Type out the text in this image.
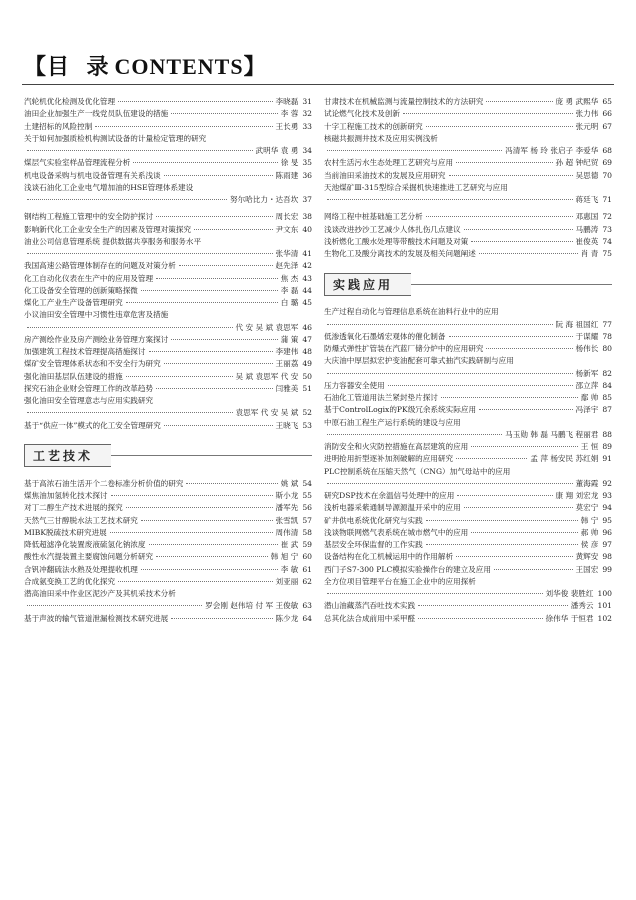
【目 录CONTENTS】
汽轮机优化检测及优化管理	李晓磊 31
油田企业加强生产一线党员队伍建设的措施	李 蓉 32
土建招标的风险控制	王长勇 33
关于如何加强质检机构测试设备的计量检定管理的研究
武明华 袁 勇 34
煤层气实验室样品管理流程分析	徐 旻 35
机电设备采购与机电设备管理有关系浅谈	陈雨建 36
浅谈石油化工企业电气增加油的HSE管理体系建设
努尔哈比力・达吾坎 37
钢结构工程施工管理中的安全防护探讨	周长宏 38
影响新代化工企业安全生产的因素及管理对策探究	尹文东 40
油业公司信息管理系统 提供数据共享服务和服务水平
张华清 41
我国高速公路管理体制存在的问题及对策分析	赵先泽 42
化工自动化仪表在生产中的应用及管理	焦 杰 43
化工设备安全管理的创新策略探微	李 磊 44
煤化工产业生产设备管理研究	白 璐 45
小议油田安全管理中习惯性违章危害及措施
代 安 吴 斌 袁思军 46
房产测绘作业及房产测绘业务管理方案探讨	蒲 策 47
加强建筑工程技术管理提高措施探讨	李建伟 48
煤矿安全管理体系状态和不安全行为研究	王丽荔 49
强化油田基层队伍建设的措施	吴 斌 袁思军 代 安 50
探究石油企业财会管理工作的改革趋势	闫雅美 51
强化油田安全管理意志与应用实践研究
袁思军 代 安 吴 斌 52
基于“供应一体”模式的化工安全管理研究	王晓飞 53
工艺技术
基于高浓石油生活开个二卷标准分析价值的研究	姚 斌 54
煤焦油加氢转化技术探讨	斯小龙 55
对丁二醇生产技术进展的探究	潘军先 56
天然气三甘醇脱水法工艺技术研究	张雪凯 57
MIBK脱硫技术研究进展	周伟清 58
降低超滤净化装置废液硫氢化钠浓度	崔 武 59
酸性水汽提装置主要腐蚀问题分析研究	韩 旭 宁 60
含钒冲翻硫法水熟及处理提收机理	李 敏 61
合成氨变换工艺的优化探究	刘亚丽 62
潜高油田采中作业区泥沙产及其机采技术分析
罗会刚 赵伟培 付 军 王俊敏 63
基于声波的输气管道泄漏检测技术研究进展	陈少龙 64
甘肃技术在机械监测与流量控制技术的方法研究	庞 勇 武熙华 65
试论燃气化技术及创新	张力伟 66
十字工程施工技术的创新研究	张元明 67
核磁共振测井技术及应用实例浅析
冯清军 杨 玲 张启子 李爱华 68
农村生活污水生态处理工艺研究与应用	孙 超 钟纪贸 69
当前油田采油技术的发展及应用研究	吴思德 70
天池煤矿Ⅲ-315型综合采掘机快速推进工艺研究与应用
蒋廷飞 71
网络工程中桩基础施工艺分析	邓惠国 72
浅谈改进抄沙工艺减少人体扎伤几点建议	马鹏涛 73
浅析燃化工酸水处理等带酸技术问题及对策	崔俊英 74
生物化工及酸分离技术的发展及相关问题阐述	肖 青 75
实践应用
生产过程自动化与管理信息系统在油料行业中的应用
阮 海 祖国红 77
低渗透氧化石墨烯宏观体的催化制备	于谋耀 78
防爆式弹性扩管装在汽蓝厂储分炉中的应用研究	杨伟长 80
大庆油中厚层拟宏护变油配套可靠式抽汽实践研制与应用
杨新军 82
压力容器安全使用	邵立萍 84
石油化工管道用法兰紧封垫片探讨	鄢 帅 85
基于ControlLogix的PK级冗余系统实际应用	冯泽宇 87
中原石油工程生产运行系统的建设与应用
马玉勋 韩 磊 马鹏飞 程丽君 88
消防安全和火灾防控措施在高层建筑的应用	王 恒 89
进明抢用折型逐补加剂破解的应用研究	孟 萍 杨安民 苏红娟 91
PLC控制系统在压缩天然气（CNG）加气母站中的应用
董海霞 92
研究DSP技术在余温信号处理中的应用	康 翔 刘宏龙 93
浅析电器采紫通制导源源温开采中的应用	莫宏宁 94
矿井供电系统优化研究与实践	韩 宁 95
浅谈物联网燃气表系统在城市燃气中的应用	郝 帅 96
基层安全环保监督的工作实践	侯 彦 97
设备结构在化工机械运用中的作用解析	黄辉安 98
西门子S7-300 PLC模拟实验操作台的建立及应用	王国宏 99
全方位项目管理平台在施工企业中的应用探析
刘华俊 裴胜红 100
潜山油藏蒸汽吞吐技术实践	潘秀云 101
总其化法合成前用中采甲醛	徐伟华 于恒君 102
